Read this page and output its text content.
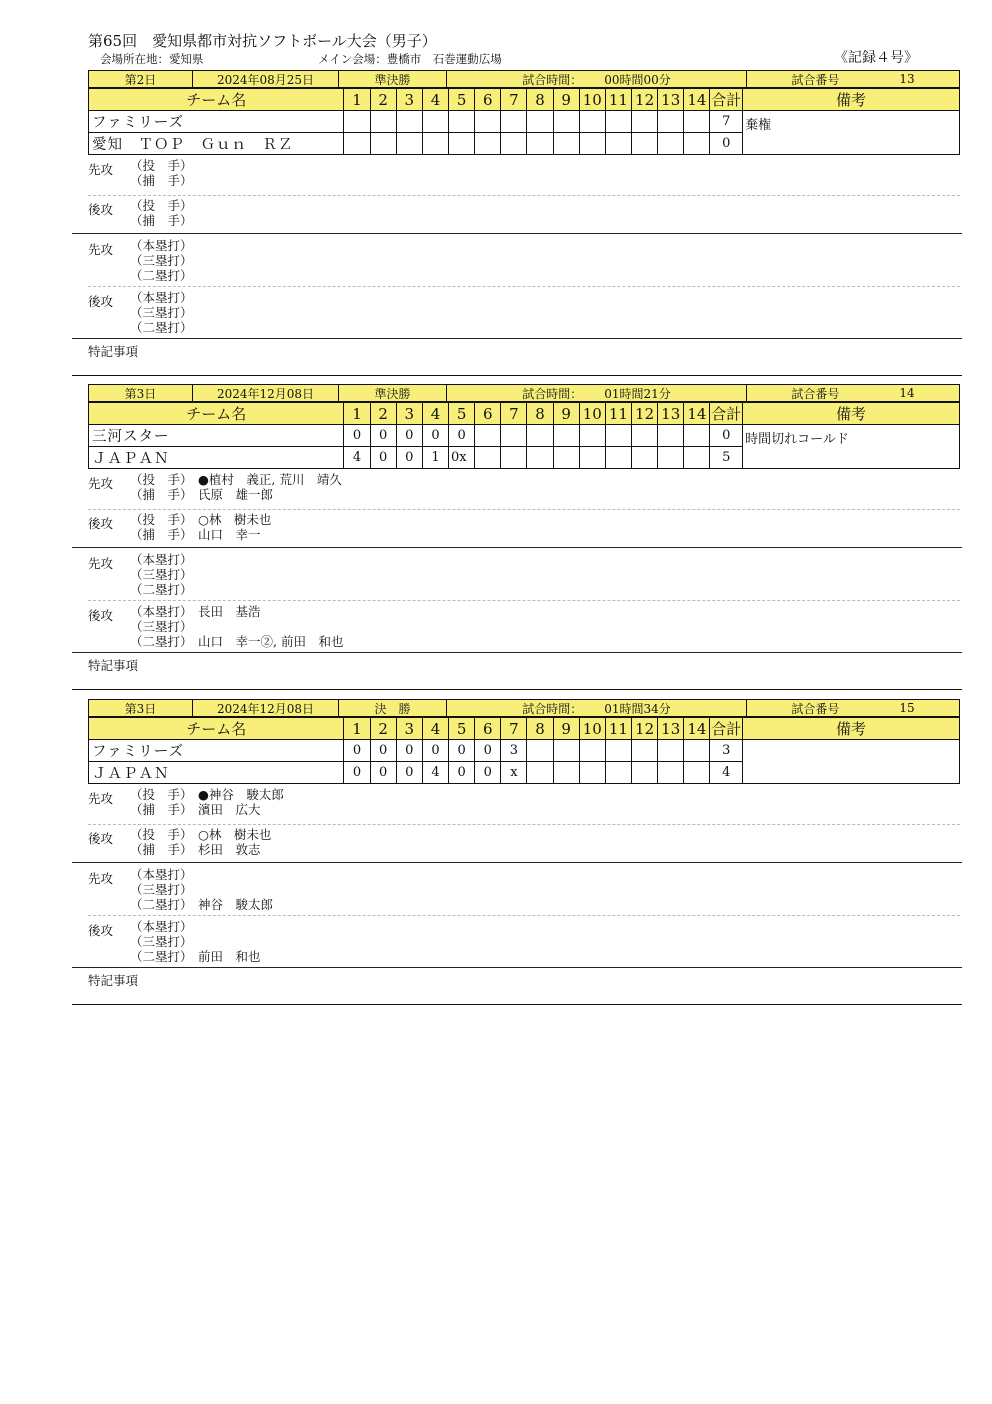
第65回　愛知県都市対抗ソフトボール大会（男子）
会場所在地：愛知県	メイン会場：豊橋市　石巻運動広場	《記録４号》
第2日	2024年08月25日	準決勝	試合時間： 00時間00分	試合番号	13
チーム名	1	2	3	4	5	6	7	8	9	10	11	12	13	14	合計	備考
ファミリーズ															7	棄権
愛知　ＴＯＰ　Ｇｕｎ　ＲＺ															0	
先攻 （投　手）
（捕　手）
後攻 （投　手）
（捕　手）
先攻 （本塁打）
（三塁打）
（二塁打）
後攻 （本塁打）
（三塁打）
（二塁打）
特記事項
第3日	2024年12月08日	準決勝	試合時間： 01時間21分	試合番号	14
チーム名	1	2	3	4	5	6	7	8	9	10	11	12	13	14	合計	備考
三河スター	0	0	0	0	0										0	時間切れコールド
ＪＡＰＡＮ	4	0	0	1	0x										5	
先攻 （投　手） ●植村　義正, 荒川　靖久
（捕　手） 氏原　雄一郎
後攻 （投　手） ○林　樹未也
（捕　手） 山口　幸一
先攻 （本塁打）
（三塁打）
（二塁打）
後攻 （本塁打） 長田　基浩
（三塁打）
（二塁打） 山口　幸一②, 前田　和也
特記事項
第3日	2024年12月08日	決　勝	試合時間： 01時間34分	試合番号	15
チーム名	1	2	3	4	5	6	7	8	9	10	11	12	13	14	合計	備考
ファミリーズ	0	0	0	0	0	0	3								3	
ＪＡＰＡＮ	0	0	0	4	0	0	x								4	
先攻 （投　手） ●神谷　駿太郎
（捕　手） 濱田　広大
後攻 （投　手） ○林　樹未也
（捕　手） 杉田　敦志
先攻 （本塁打）
（三塁打）
（二塁打） 神谷　駿太郎
後攻 （本塁打）
（三塁打）
（二塁打） 前田　和也
特記事項
